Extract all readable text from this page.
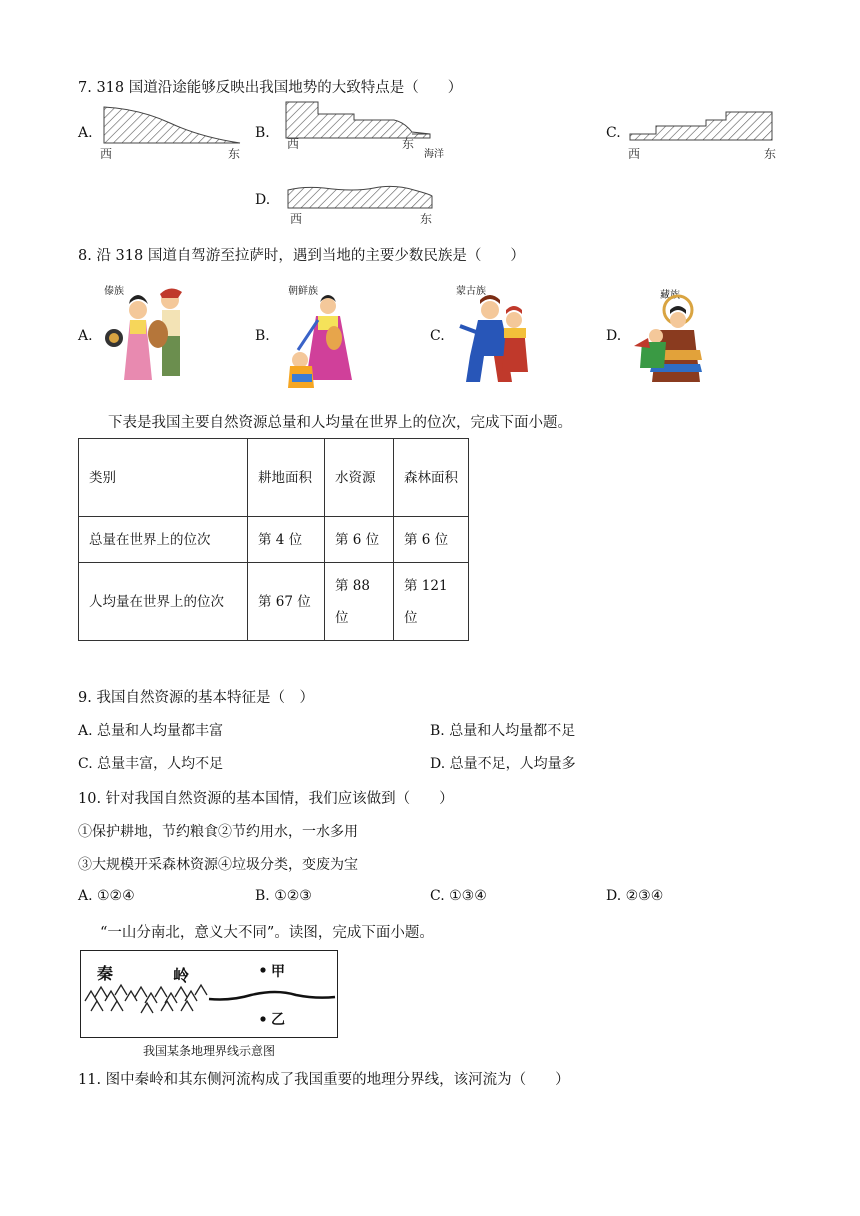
7. 318 国道沿途能够反映出我国地势的大致特点是（　　）
A.
西	东
B.
西	东
海洋
C.
西	东
D.
西	东
8. 沿 318 国道自驾游至拉萨时，遇到当地的主要少数民族是（　　）
A.
傣族
B.
朝鲜族
C.
蒙古族
D.
藏族
下表是我国主要自然资源总量和人均量在世界上的位次，完成下面小题。
类别	耕地面积	水资源	森林面积
总量在世界上的位次	第 4 位	第 6 位	第 6 位
人均量在世界上的位次	第 67 位	第 88 位	第 121 位
9. 我国自然资源的基本特征是（　）
A. 总量和人均量都丰富	B. 总量和人均量都不足
C. 总量丰富，人均不足	D. 总量不足，人均量多
10. 针对我国自然资源的基本国情，我们应该做到（　　）
①保护耕地，节约粮食②节约用水，一水多用
③大规模开采森林资源④垃圾分类，变废为宝
A. ①②④	B. ①②③	C. ①③④	D. ②③④
“一山分南北，意义大不同”。读图，完成下面小题。
秦	岭	甲
乙
我国某条地理界线示意图
11. 图中秦岭和其东侧河流构成了我国重要的地理分界线，该河流为（　　）
